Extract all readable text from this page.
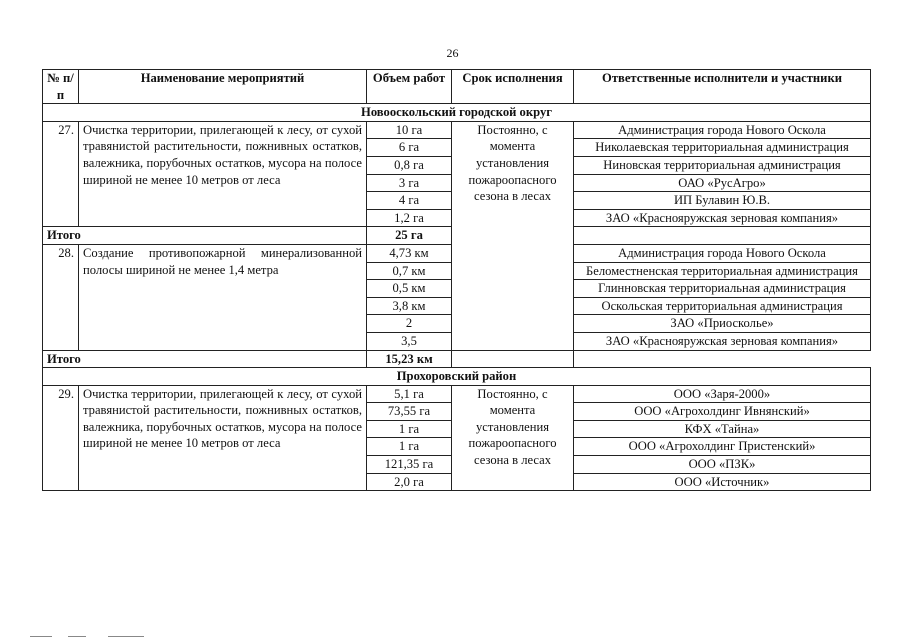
26
№ п/п	Наименование мероприятий	Объем работ	Срок исполнения	Ответственные исполнители и участники
Новооскольский городской округ				
27.	Очистка территории, прилегающей к лесу, от сухой травянистой растительности, пожнивных остатков, валежника, порубочных остатков, мусора на полосе шириной не менее 10 метров от леса	10 га	Постоянно, с момента установления пожароопасного сезона в лесах	Администрация города Нового Оскола
		6 га		Николаевская территориальная администрация
		0,8 га		Ниновская территориальная администрация
		3 га		ОАО «РусАгро»
		4 га		ИП Булавин Ю.В.
		1,2 га		ЗАО «Краснояружская зерновая компания»
Итого		25 га		
28.	Создание противопожарной минерализованной полосы шириной не менее 1,4 метра	4,73 км		Администрация города Нового Оскола
		0,7 км		Беломестненская территориальная администрация
		0,5 км		Глинновская территориальная администрация
		3,8 км		Оскольская территориальная администрация
		2		ЗАО «Приосколье»
		3,5		ЗАО «Краснояружская зерновая компания»
Итого		15,23 км		
Прохоровский район				
29.	Очистка территории, прилегающей к лесу, от сухой травянистой растительности, пожнивных остатков, валежника, порубочных остатков, мусора на полосе шириной не менее 10 метров от леса	5,1 га	Постоянно, с момента установления пожароопасного сезона в лесах	ООО «Заря-2000»
		73,55 га		ООО «Агрохолдинг Ивнянский»
		1 га		КФХ «Тайна»
		1 га		ООО «Агрохолдинг Пристенский»
		121,35 га		ООО «ПЗК»
		2,0 га		ООО «Источник»
